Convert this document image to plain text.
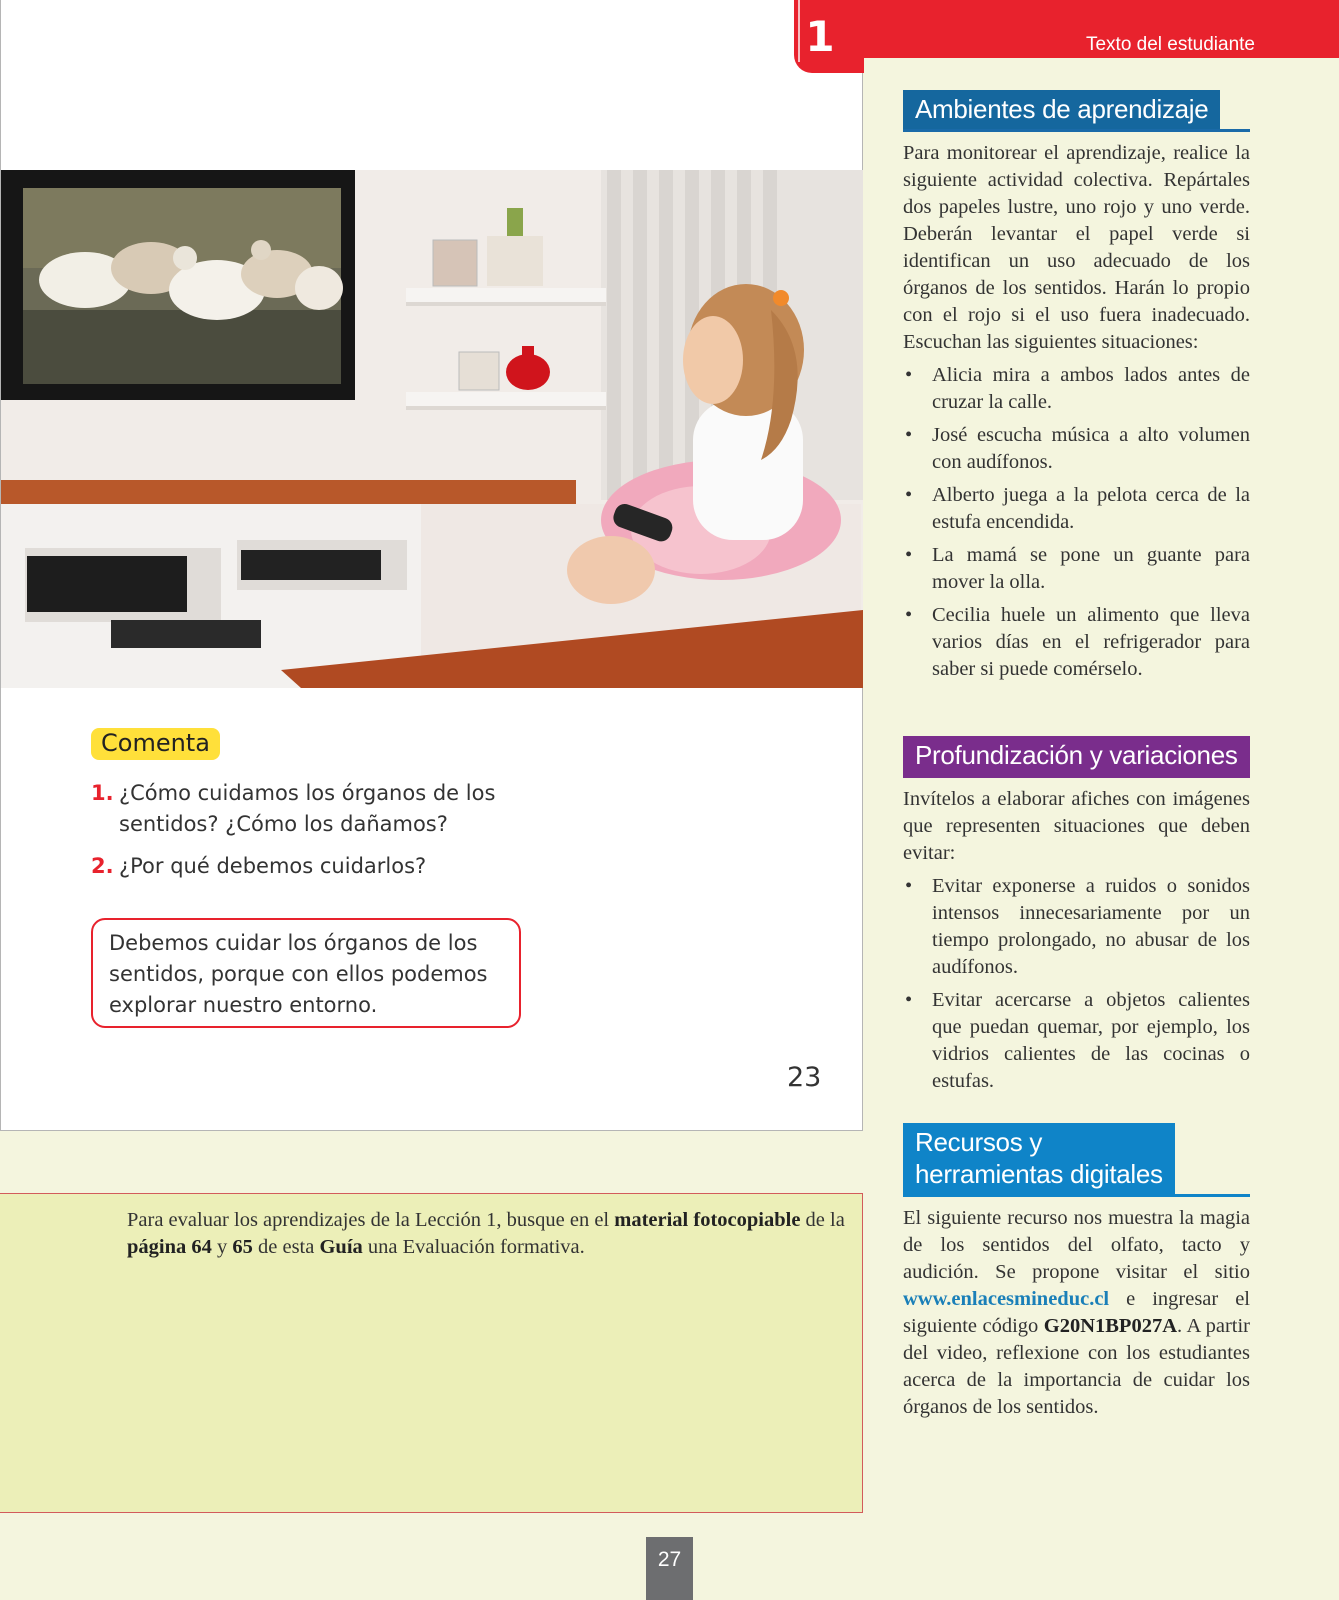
1
Comenta
1. ¿Cómo cuidamos los órganos de los sentidos? ¿Cómo los dañamos?
2. ¿Por qué debemos cuidarlos?
Debemos cuidar los órganos de los sentidos, porque con ellos podemos explorar nuestro entorno.
23
Texto del estudiante
Ambientes de aprendizaje

Para monitorear el aprendizaje, realice la siguiente actividad colectiva. Repártales dos papeles lustre, uno rojo y uno verde. Deberán levantar el papel verde si identifican un uso adecuado de los órganos de los sentidos. Harán lo propio con el rojo si el uso fuera inadecuado. Escuchan las siguientes situaciones:

• Alicia mira a ambos lados antes de cruzar la calle.
• José escucha música a alto volumen con audífonos.
• Alberto juega a la pelota cerca de la estufa encendida.
• La mamá se pone un guante para mover la olla.
• Cecilia huele un alimento que lleva varios días en el refrigerador para saber si puede comérselo.
Profundización y variaciones

Invítelos a elaborar afiches con imágenes que representen situaciones que deben evitar:

• Evitar exponerse a ruidos o sonidos intensos innecesariamente por un tiempo prolongado, no abusar de los audífonos.
• Evitar acercarse a objetos calientes que puedan quemar, por ejemplo, los vidrios calientes de las cocinas o estufas.
Recursos y
herramientas digitales

El siguiente recurso nos muestra la magia de los sentidos del olfato, tacto y audición. Se propone visitar el sitio www.enlacesmineduc.cl e ingresar el siguiente código G20N1BP027A. A partir del video, reflexione con los estudiantes acerca de la importancia de cuidar los órganos de los sentidos.

Para evaluar los aprendizajes de la Lección 1, busque en el material fotocopiable de la página 64 y 65 de esta Guía una Evaluación formativa.

27
